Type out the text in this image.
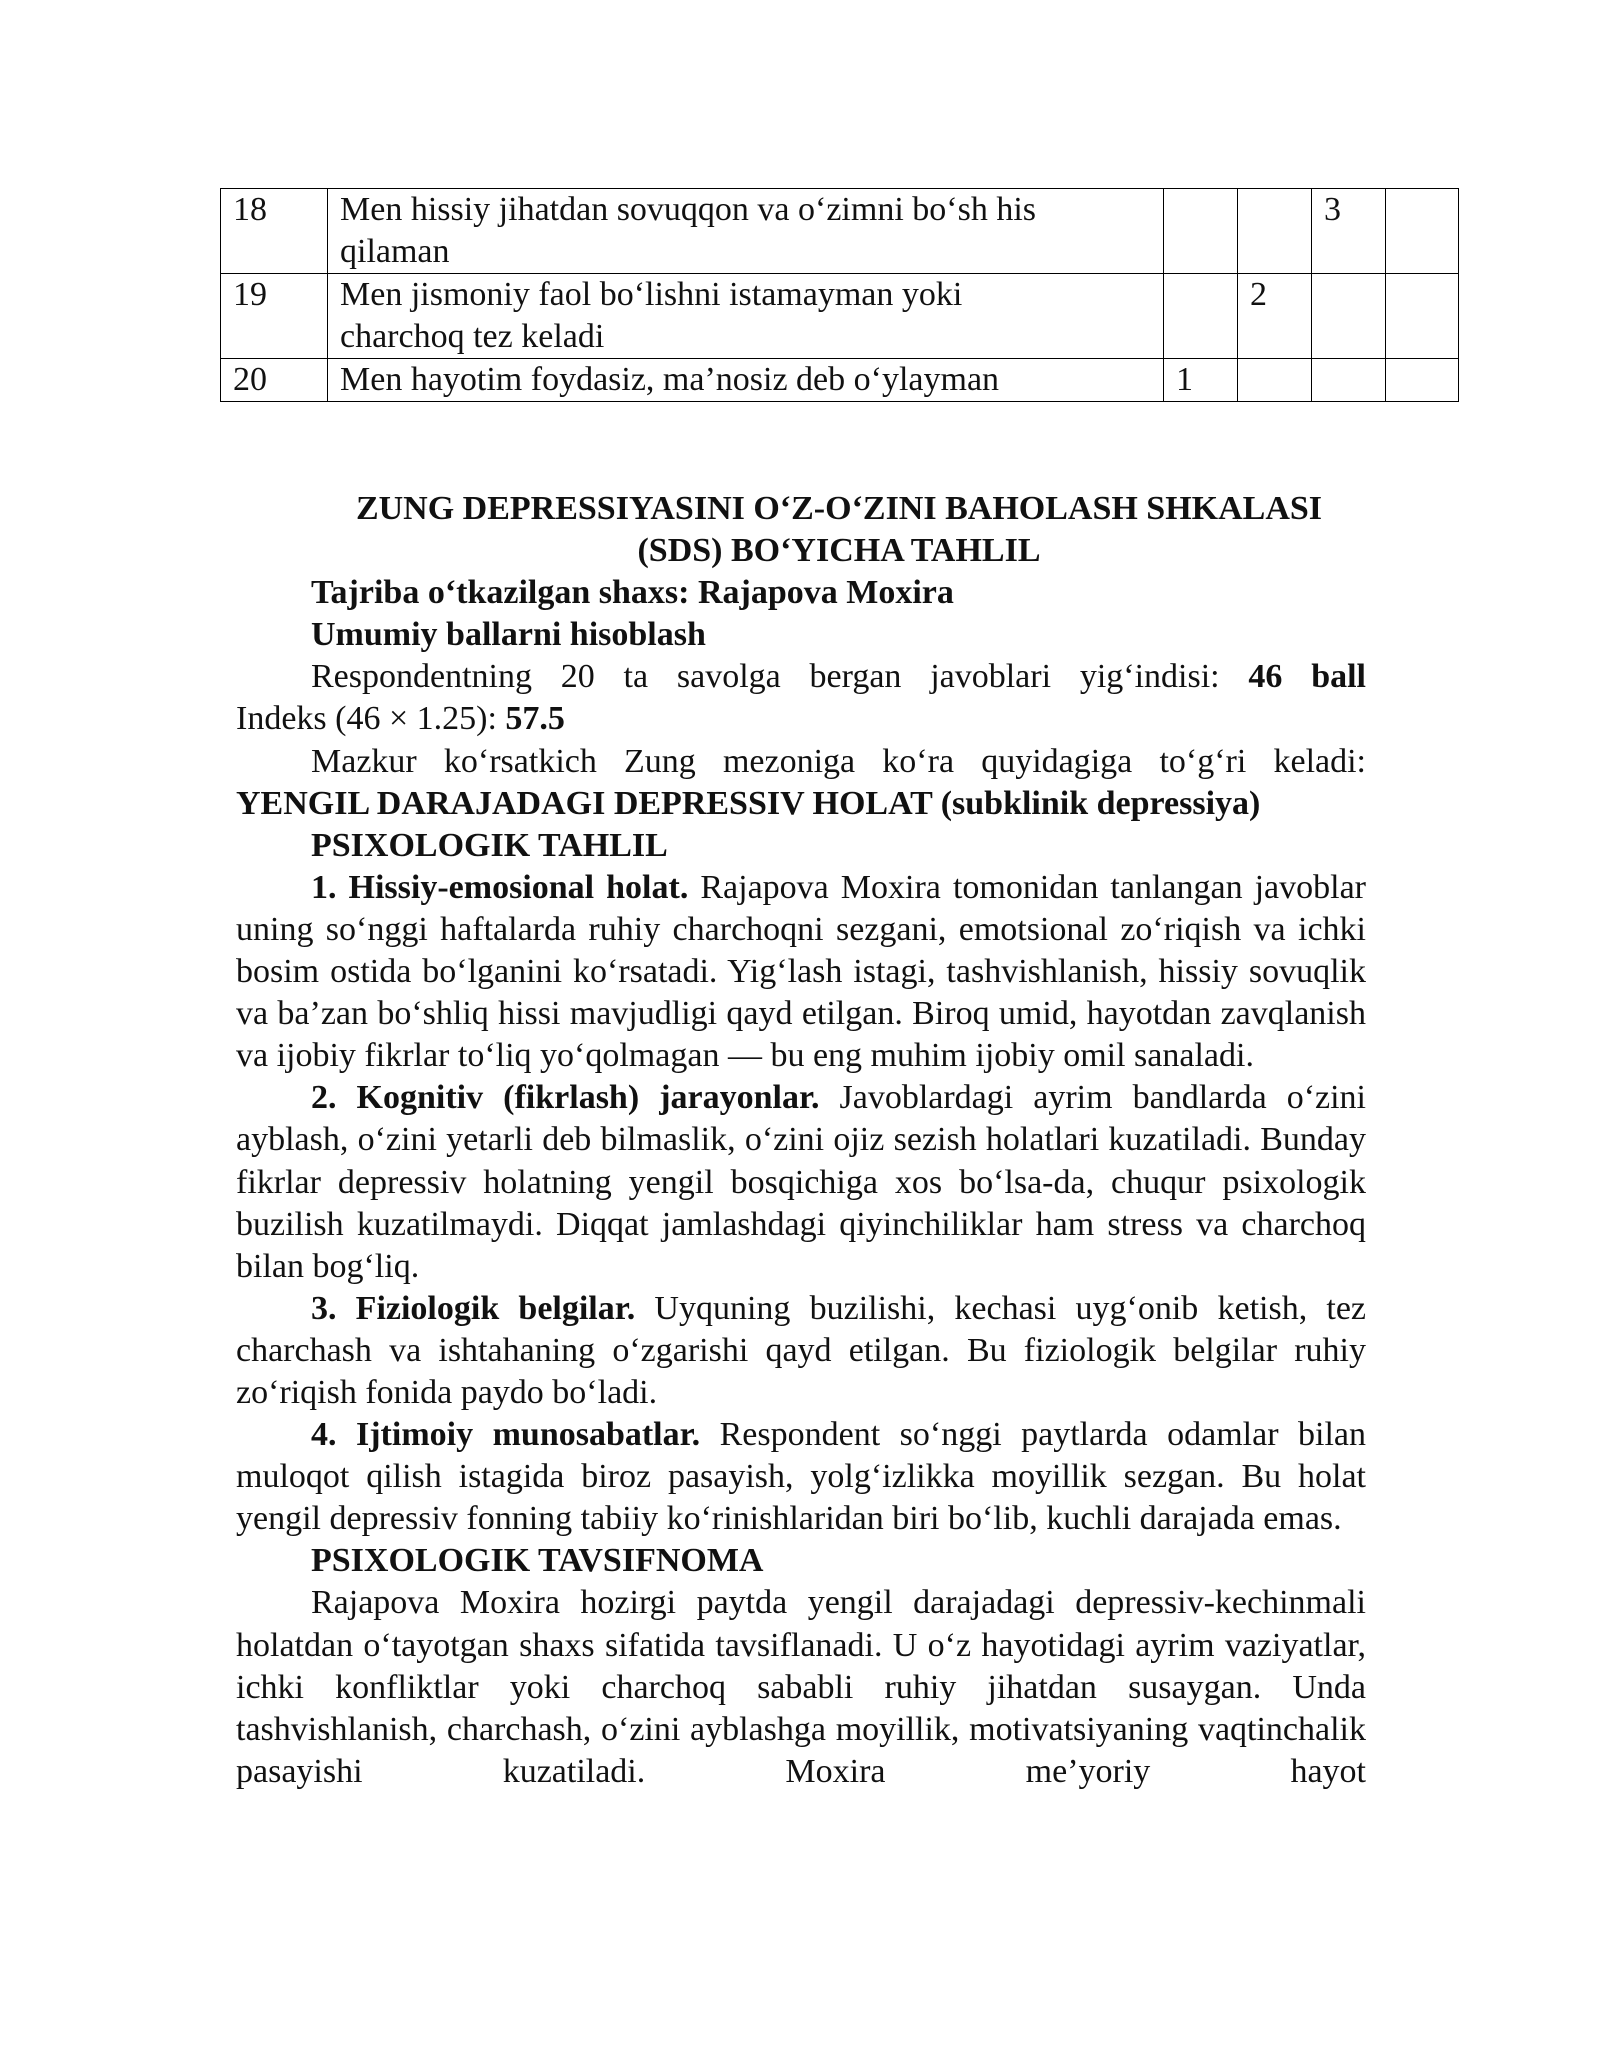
18	Men hissiy jihatdan sovuqqon va o‘zimni bo‘sh his
qilaman			3	
19	Men jismoniy faol bo‘lishni istamayman yoki
charchoq tez keladi		2		
20	Men hayotim foydasiz, ma’nosiz deb o‘ylayman	1			
ZUNG DEPRESSIYASINI O‘Z-O‘ZINI BAHOLASH SHKALASI
(SDS) BO‘YICHA TAHLIL

Tajriba o‘tkazilgan shaxs: Rajapova Moxira

Umumiy ballarni hisoblash

Respondentning 20 ta savolga bergan javoblari yig‘indisi: 46 ball

Indeks (46 × 1.25): 57.5

Mazkur ko‘rsatkich Zung mezoniga ko‘ra quyidagiga to‘g‘ri keladi:

YENGIL DARAJADAGI DEPRESSIV HOLAT (subklinik depressiya)

PSIXOLOGIK TAHLIL

1. Hissiy-emosional holat. Rajapova Moxira tomonidan tanlangan javoblar uning so‘nggi haftalarda ruhiy charchoqni sezgani, emotsional zo‘riqish va ichki bosim ostida bo‘lganini ko‘rsatadi. Yig‘lash istagi, tashvishlanish, hissiy sovuqlik va ba’zan bo‘shliq hissi mavjudligi qayd etilgan. Biroq umid, hayotdan zavqlanish va ijobiy fikrlar to‘liq yo‘qolmagan — bu eng muhim ijobiy omil sanaladi.

2. Kognitiv (fikrlash) jarayonlar. Javoblardagi ayrim bandlarda o‘zini ayblash, o‘zini yetarli deb bilmaslik, o‘zini ojiz sezish holatlari kuzatiladi. Bunday fikrlar depressiv holatning yengil bosqichiga xos bo‘lsa-da, chuqur psixologik buzilish kuzatilmaydi. Diqqat jamlashdagi qiyinchiliklar ham stress va charchoq bilan bog‘liq.

3. Fiziologik belgilar. Uyquning buzilishi, kechasi uyg‘onib ketish, tez charchash va ishtahaning o‘zgarishi qayd etilgan. Bu fiziologik belgilar ruhiy zo‘riqish fonida paydo bo‘ladi.

4. Ijtimoiy munosabatlar. Respondent so‘nggi paytlarda odamlar bilan muloqot qilish istagida biroz pasayish, yolg‘izlikka moyillik sezgan. Bu holat yengil depressiv fonning tabiiy ko‘rinishlaridan biri bo‘lib, kuchli darajada emas.

PSIXOLOGIK TAVSIFNOMA

Rajapova Moxira hozirgi paytda yengil darajadagi depressiv-kechinmali holatdan o‘tayotgan shaxs sifatida tavsiflanadi. U o‘z hayotidagi ayrim vaziyatlar, ichki konfliktlar yoki charchoq sababli ruhiy jihatdan susaygan. Unda tashvishlanish, charchash, o‘zini ayblashga moyillik, motivatsiyaning vaqtinchalik pasayishi kuzatiladi. Moxira me’yoriy hayot
